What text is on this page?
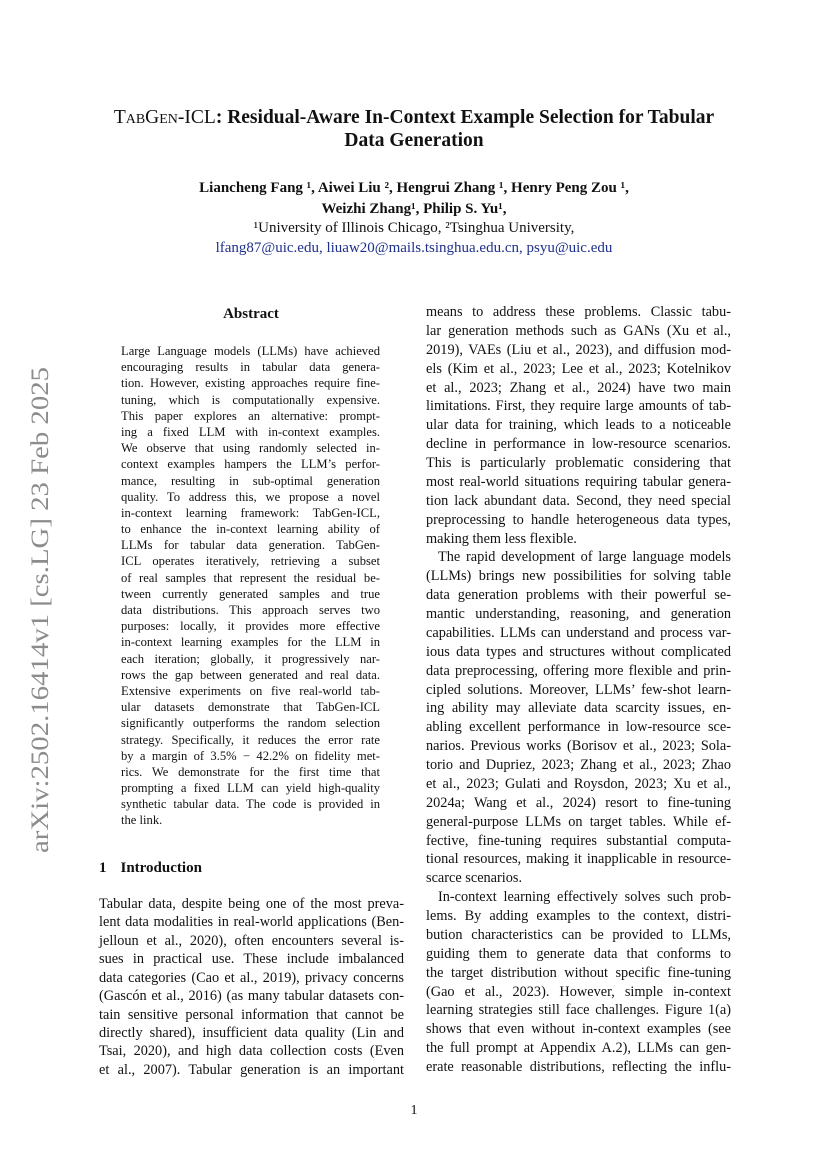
arXiv:2502.16414v1 [cs.LG] 23 Feb 2025
TabGen-ICL: Residual-Aware In-Context Example Selection for Tabular
Data Generation
Liancheng Fang ¹, Aiwei Liu ², Hengrui Zhang ¹, Henry Peng Zou ¹,
Weizhi Zhang¹, Philip S. Yu¹,
¹University of Illinois Chicago, ²Tsinghua University,
lfang87@uic.edu, liuaw20@mails.tsinghua.edu.cn, psyu@uic.edu
Abstract
Large Language models (LLMs) have achieved
encouraging results in tabular data genera-
tion. However, existing approaches require fine-
tuning, which is computationally expensive.
This paper explores an alternative: prompt-
ing a fixed LLM with in-context examples.
We observe that using randomly selected in-
context examples hampers the LLM’s perfor-
mance, resulting in sub-optimal generation
quality. To address this, we propose a novel
in-context learning framework: TabGen-ICL,
to enhance the in-context learning ability of
LLMs for tabular data generation. TabGen-
ICL operates iteratively, retrieving a subset
of real samples that represent the residual be-
tween currently generated samples and true
data distributions. This approach serves two
purposes: locally, it provides more effective
in-context learning examples for the LLM in
each iteration; globally, it progressively nar-
rows the gap between generated and real data.
Extensive experiments on five real-world tab-
ular datasets demonstrate that TabGen-ICL
significantly outperforms the random selection
strategy. Specifically, it reduces the error rate
by a margin of 3.5% − 42.2% on fidelity met-
rics. We demonstrate for the first time that
prompting a fixed LLM can yield high-quality
synthetic tabular data. The code is provided in
the link.
1 Introduction
Tabular data, despite being one of the most preva-
lent data modalities in real-world applications (Ben-
jelloun et al., 2020), often encounters several is-
sues in practical use. These include imbalanced
data categories (Cao et al., 2019), privacy concerns
(Gascón et al., 2016) (as many tabular datasets con-
tain sensitive personal information that cannot be
directly shared), insufficient data quality (Lin and
Tsai, 2020), and high data collection costs (Even
et al., 2007). Tabular generation is an important
means to address these problems. Classic tabu-
lar generation methods such as GANs (Xu et al.,
2019), VAEs (Liu et al., 2023), and diffusion mod-
els (Kim et al., 2023; Lee et al., 2023; Kotelnikov
et al., 2023; Zhang et al., 2024) have two main
limitations. First, they require large amounts of tab-
ular data for training, which leads to a noticeable
decline in performance in low-resource scenarios.
This is particularly problematic considering that
most real-world situations requiring tabular genera-
tion lack abundant data. Second, they need special
preprocessing to handle heterogeneous data types,
making them less flexible.
The rapid development of large language models
(LLMs) brings new possibilities for solving table
data generation problems with their powerful se-
mantic understanding, reasoning, and generation
capabilities. LLMs can understand and process var-
ious data types and structures without complicated
data preprocessing, offering more flexible and prin-
cipled solutions. Moreover, LLMs’ few-shot learn-
ing ability may alleviate data scarcity issues, en-
abling excellent performance in low-resource sce-
narios. Previous works (Borisov et al., 2023; Sola-
torio and Dupriez, 2023; Zhang et al., 2023; Zhao
et al., 2023; Gulati and Roysdon, 2023; Xu et al.,
2024a; Wang et al., 2024) resort to fine-tuning
general-purpose LLMs on target tables. While ef-
fective, fine-tuning requires substantial computa-
tional resources, making it inapplicable in resource-
scarce scenarios.
In-context learning effectively solves such prob-
lems. By adding examples to the context, distri-
bution characteristics can be provided to LLMs,
guiding them to generate data that conforms to
the target distribution without specific fine-tuning
(Gao et al., 2023). However, simple in-context
learning strategies still face challenges. Figure 1(a)
shows that even without in-context examples (see
the full prompt at Appendix A.2), LLMs can gen-
erate reasonable distributions, reflecting the influ-
1
